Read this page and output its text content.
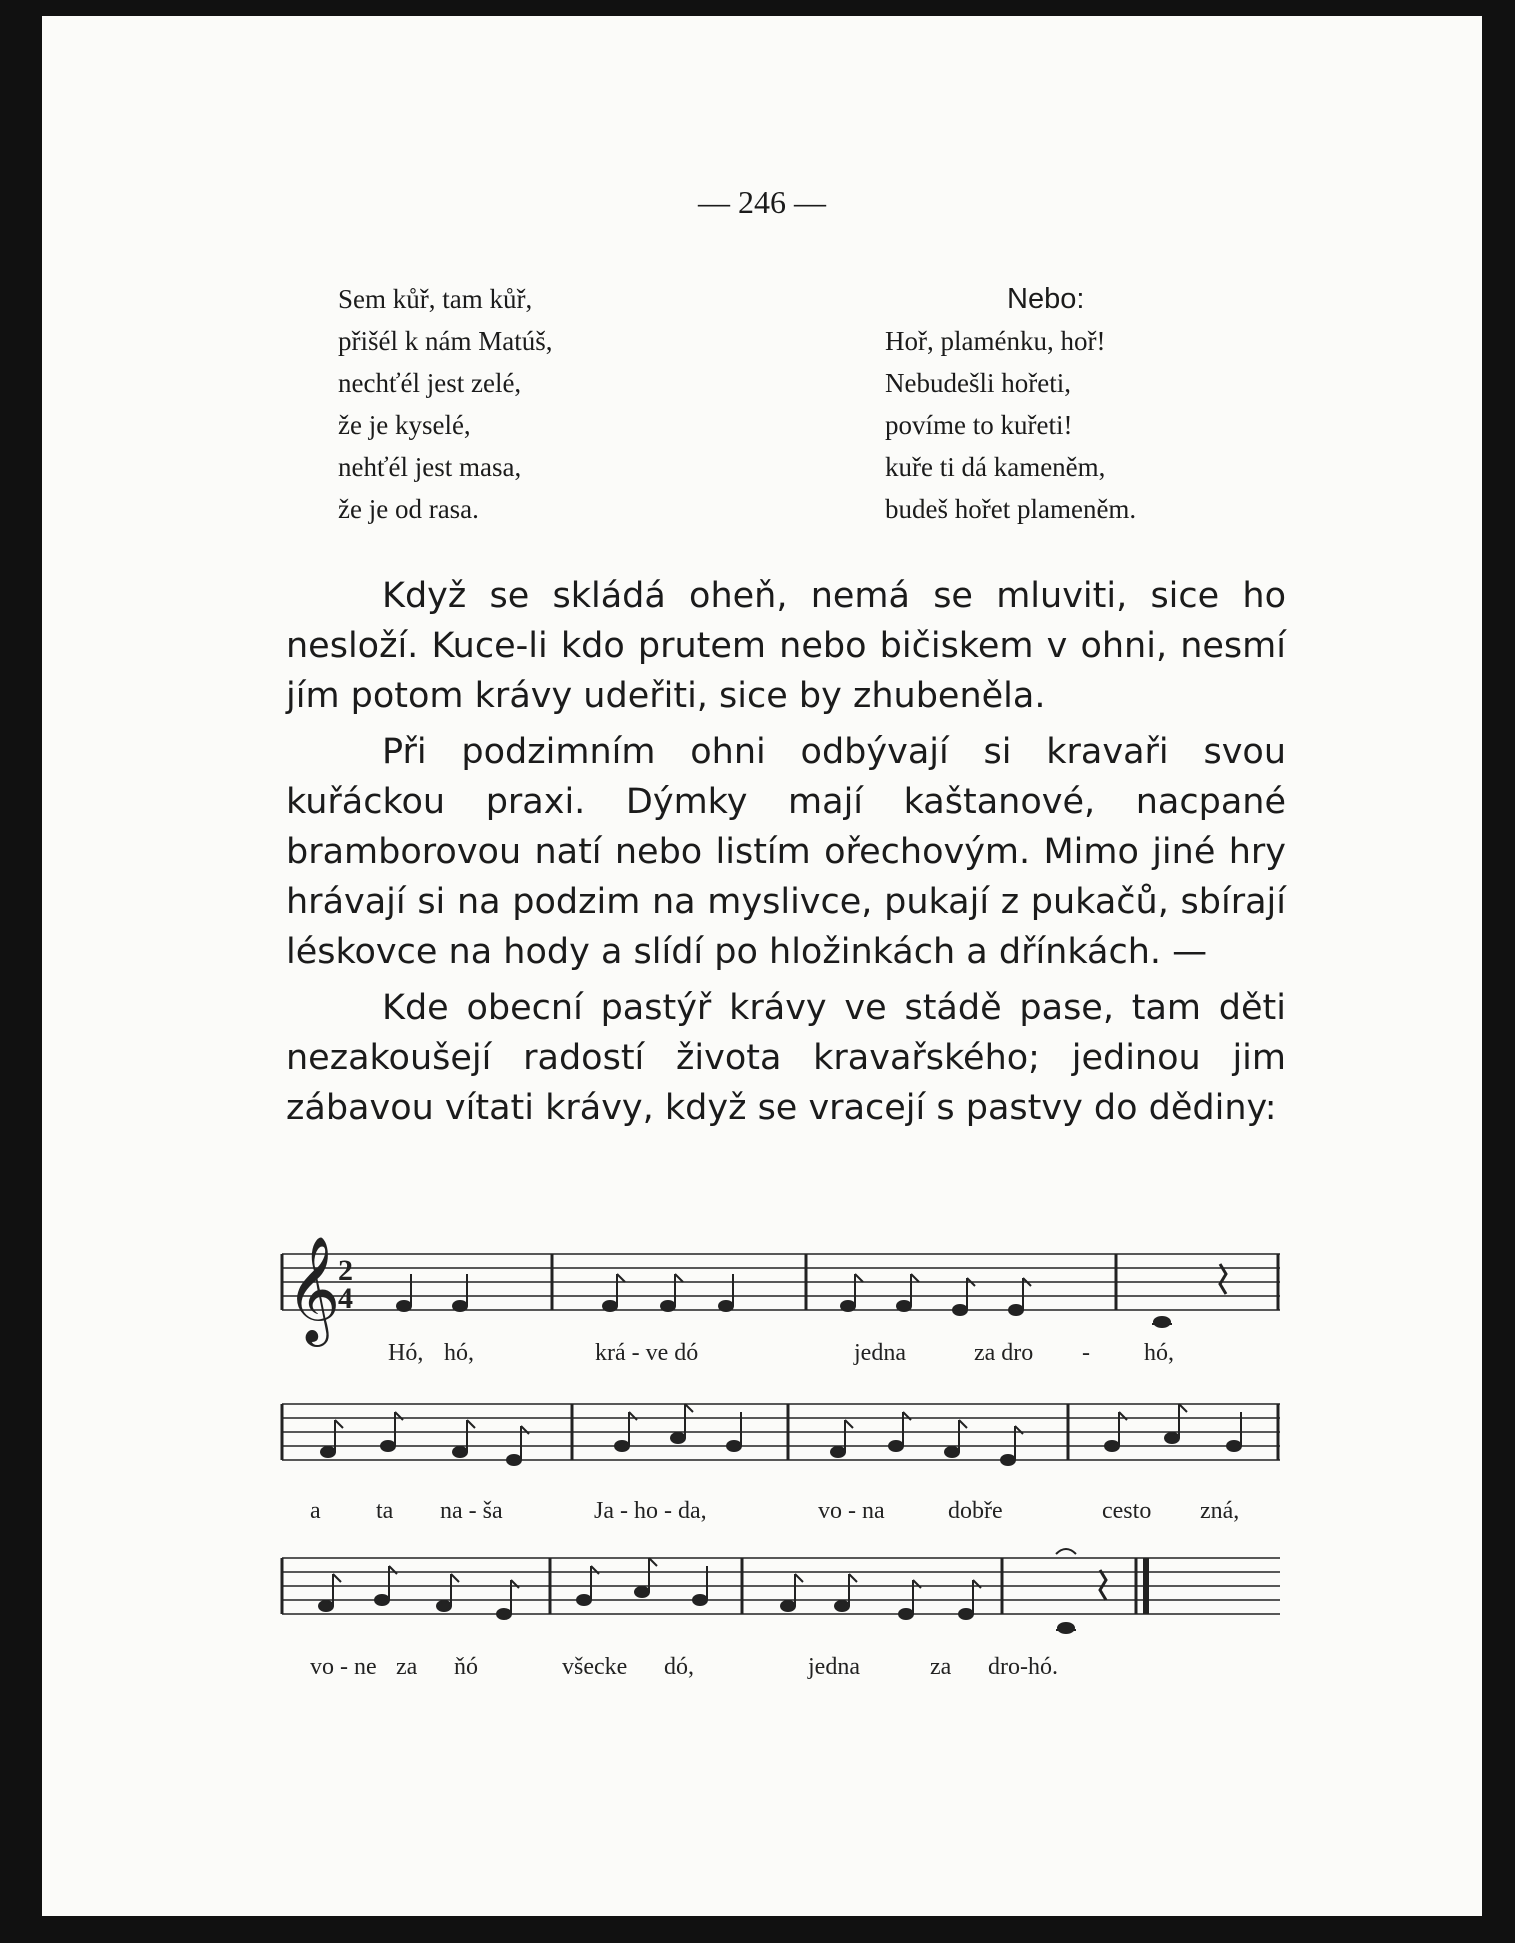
— 246 —
Sem kůř, tam kůř,
přišél k nám Matúš,
nechťél jest zelé,
že je kyselé,
nehťél jest masa,
že je od rasa.
Nebo:
Hoř, plaménku, hoř!
Nebudešli hořeti,
povíme to kuřeti!
kuře ti dá kameněm,
budeš hořet plameněm.

Když se skládá oheň, nemá se mluviti, sice ho nesloží. Kuce-li kdo prutem nebo bičiskem v ohni, nesmí jím potom krávy udeřiti, sice by zhubeněla.

Při podzimním ohni odbývají si kravaři svou kuřáckou praxi. Dýmky mají kaštanové, nacpané bramborovou natí nebo listím ořechovým. Mimo jiné hry hrávají si na podzim na myslivce, pukají z pukačů, sbírají léskovce na hody a slídí po hložinkách a dřínkách. —

Kde obecní pastýř krávy ve stádě pase, tam děti nezakoušejí radostí života kravařského; jedinou jim zábavou vítati krávy, když se vracejí s pastvy do dědiny:

𝄞
2
4
Hó, hó,	krá - ve dó	jedna	za dro - hó,
a ta na - ša	Ja - ho - da,	vo - na	dobře	cesto zná,
vo - ne za ňó	všecke dó,	jedna	za dro-hó.
